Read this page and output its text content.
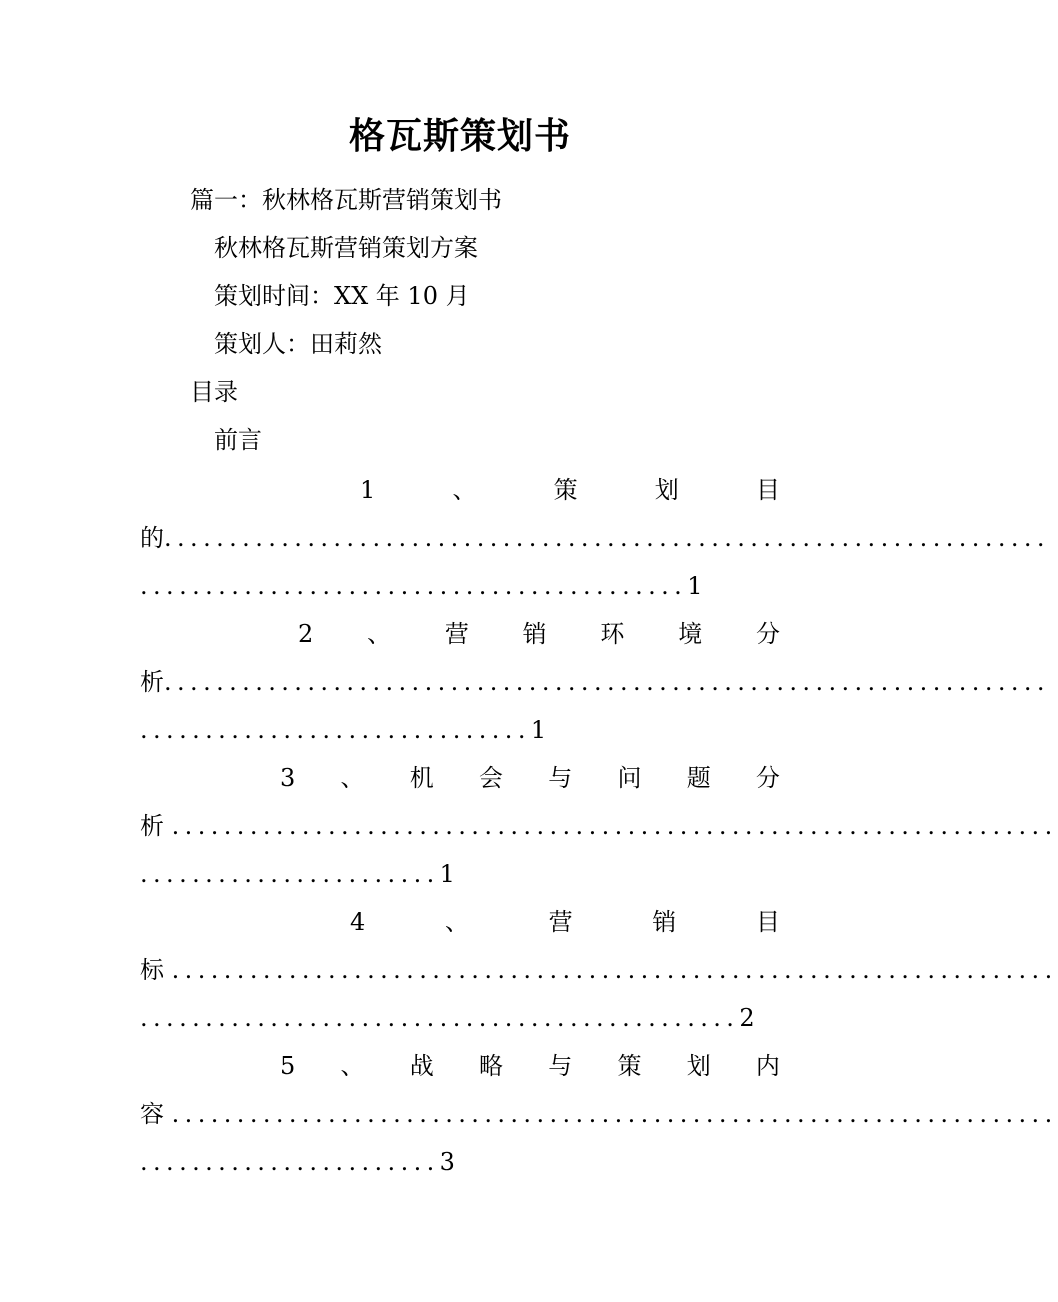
格瓦斯策划书
篇一：秋林格瓦斯营销策划书
秋林格瓦斯营销策划方案
策划时间：XX 年 10 月
策划人：田莉然
目录
前言
1	、	策	划	目
的....................................................................
..........................................1
2 、 营 销 环 境 分
析....................................................................
..............................1
3 、 机 会 与 问 题 分
析 ....................................................................
.......................1
4	、	营	销	目
标 ....................................................................
..............................................2
5 、 战 略 与 策 划 内
容 ....................................................................
.......................3
